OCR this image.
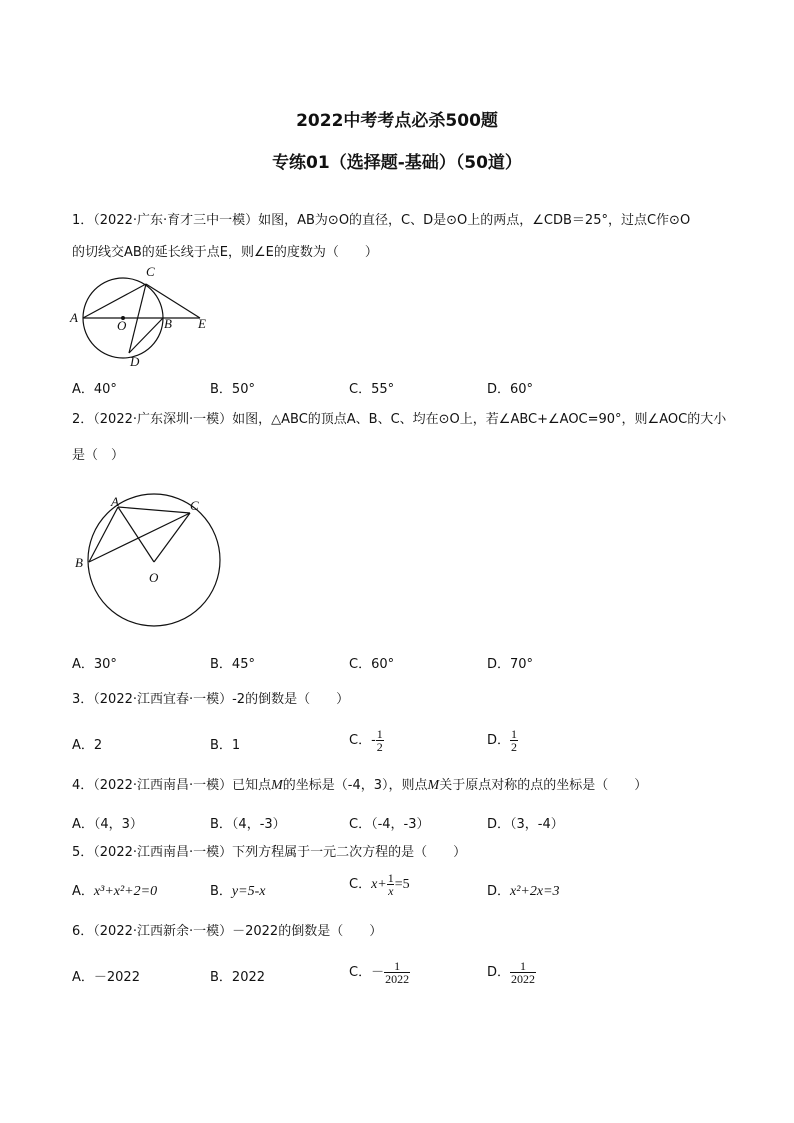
2022中考考点必杀500题
专练01（选择题-基础）（50道）
1．（2022·广东·育才三中一模）如图，AB为⊙O的直径，C、D是⊙O上的两点，∠CDB＝25°，过点C作⊙O
的切线交AB的延长线于点E，则∠E的度数为（　　）
C
A
O	B E
D
A．40°	B．50°	C．55°	D．60°
2．（2022·广东深圳·一模）如图，△ABC的顶点A、B、C、均在⊙O上，若∠ABC+∠AOC=90°，则∠AOC的大小
是（　）
A	C
B
O
A．30°	B．45°	C．60°	D．70°
3．（2022·江西宜春·一模）-2的倒数是（　　）
A．2	B．1	C．- $\frac{1}{2}$	D． $\frac{1}{2}$
4．（2022·江西南昌·一模）已知点M的坐标是（-4，3），则点M关于原点对称的点的坐标是（　　）
A．（4，3）	B．（4，-3）	C．（-4，-3）	D．（3，-4）
5．（2022·江西南昌·一模）下列方程属于一元二次方程的是（　　）
A．x³+x²+2=0	B．y=5-x	C．$x+ \frac{1}{x} =5$	D．x²+2x=3
6．（2022·江西新余·一模）－2022的倒数是（　　）
A．－2022	B．2022	C．－ $\frac{1}{2022}$	D． $\frac{1}{2022}$
